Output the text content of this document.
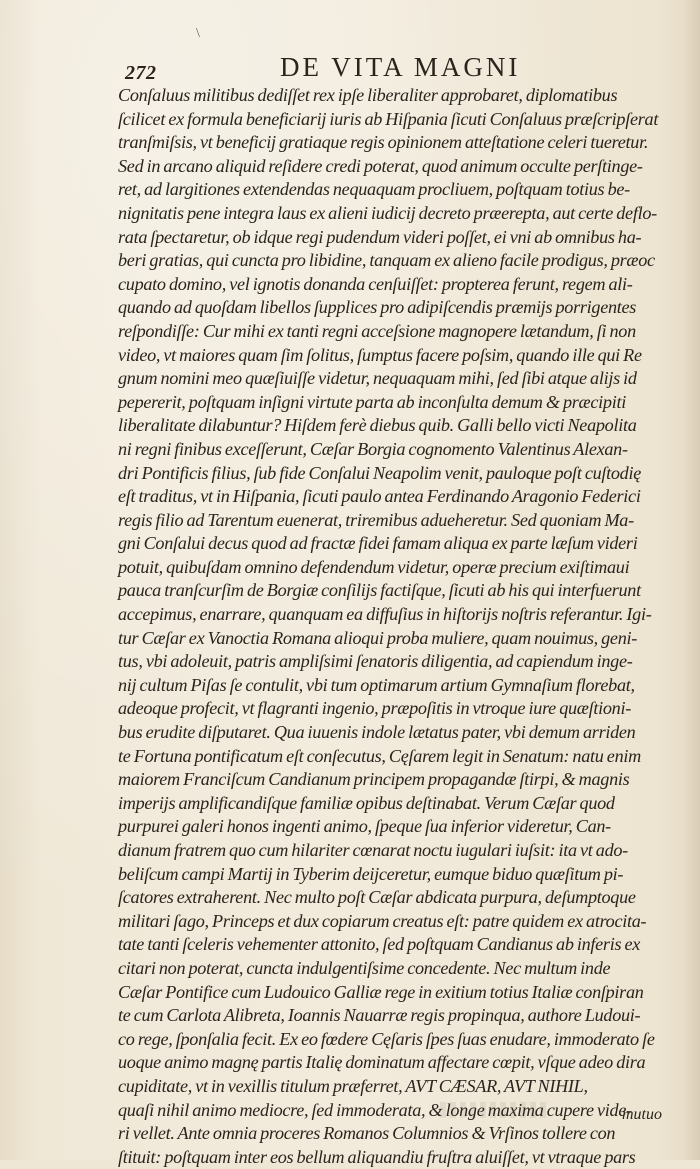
\
272	DE VITA MAGNI
Conſaluus militibus dediſſet rex ipſe liberaliter approbaret, diplomatibus
ſcilicet ex formula beneficiarij iuris ab Hiſpania ſicuti Conſaluus præſcripſerat
tranſmiſsis, vt beneficij gratiaque regis opinionem atteſtatione celeri tueretur.
Sed in arcano aliquid reſidere credi poterat, quod animum occulte perſtinge-
ret, ad largitiones extendendas nequaquam procliuem, poſtquam totius be-
nignitatis pene integra laus ex alieni iudicij decreto præerepta, aut certe deflo-
rata ſpectaretur, ob idque regi pudendum videri poſſet, ei vni ab omnibus ha-
beri gratias, qui cuncta pro libidine, tanquam ex alieno facile prodigus, præoc
cupato domino, vel ignotis donanda cenſuiſſet: propterea ferunt, regem ali-
quando ad quoſdam libellos ſupplices pro adipiſcendis præmijs porrigentes
reſpondiſſe: Cur mihi ex tanti regni acceſsione magnopere lætandum, ſi non
video, vt maiores quam ſim ſolitus, ſumptus facere poſsim, quando ille qui Re
gnum nomini meo quæſiuiſſe videtur, nequaquam mihi, ſed ſibi atque alijs id
pepererit, poſtquam inſigni virtute parta ab inconſulta demum & præcipiti
liberalitate dilabuntur? Hiſdem ferè diebus quib. Galli bello victi Neapolita
ni regni finibus exceſſerunt, Cæſar Borgia cognomento Valentinus Alexan-
dri Pontificis filius, ſub fide Conſalui Neapolim venit, pauloque poſt cuſtodię
eſt traditus, vt in Hiſpania, ſicuti paulo antea Ferdinando Aragonio Federici
regis filio ad Tarentum euenerat, triremibus adueheretur. Sed quoniam Ma-
gni Conſalui decus quod ad fractæ fidei famam aliqua ex parte læſum videri
potuit, quibuſdam omnino defendendum videtur, operæ precium exiſtimaui
pauca tranſcurſim de Borgiæ conſilijs factiſque, ſicuti ab his qui interfuerunt
accepimus, enarrare, quanquam ea diffuſius in hiſtorijs noſtris referantur. Igi-
tur Cæſar ex Vanoctia Romana alioqui proba muliere, quam nouimus, geni-
tus, vbi adoleuit, patris ampliſsimi ſenatoris diligentia, ad capiendum inge-
nij cultum Piſas ſe contulit, vbi tum optimarum artium Gymnaſium florebat,
adeoque profecit, vt flagranti ingenio, præpoſitis in vtroque iure quæſtioni-
bus erudite diſputaret. Qua iuuenis indole lætatus pater, vbi demum arriden
te Fortuna pontificatum eſt conſecutus, Cęſarem legit in Senatum: natu enim
maiorem Franciſcum Candianum principem propagandæ ſtirpi, & magnis
imperijs amplificandiſque familiæ opibus deſtinabat. Verum Cæſar quod
purpurei galeri honos ingenti animo, ſpeque ſua inferior videretur, Can-
dianum fratrem quo cum hilariter cœnarat noctu iugulari iuſsit: ita vt ado-
beliſcum campi Martij in Tyberim deijceretur, eumque biduo quæſitum pi-
ſcatores extraherent. Nec multo poſt Cæſar abdicata purpura, deſumptoque
militari ſago, Princeps et dux copiarum creatus eſt: patre quidem ex atrocita-
tate tanti ſceleris vehementer attonito, ſed poſtquam Candianus ab inferis ex
citari non poterat, cuncta indulgentiſsime concedente. Nec multum inde
Cæſar Pontifice cum Ludouico Galliæ rege in exitium totius Italiæ conſpiran
te cum Carlota Alibreta, Ioannis Nauarræ regis propinqua, authore Ludoui-
co rege, ſponſalia fecit. Ex eo fœdere Cęſaris ſpes ſuas enudare, immoderato ſe
uoque animo magnę partis Italię dominatum affectare cœpit, vſque adeo dira
cupiditate, vt in vexillis titulum præferret, AVT CÆSAR, AVT NIHIL,
quaſi nihil animo mediocre, ſed immoderata, & longe maxima cupere vide-
ri vellet. Ante omnia proceres Romanos Columnios & Vrſinos tollere con
ſtituit: poſtquam inter eos bellum aliquandiu fruſtra aluiſſet, vt vtraque pars
mutuo
